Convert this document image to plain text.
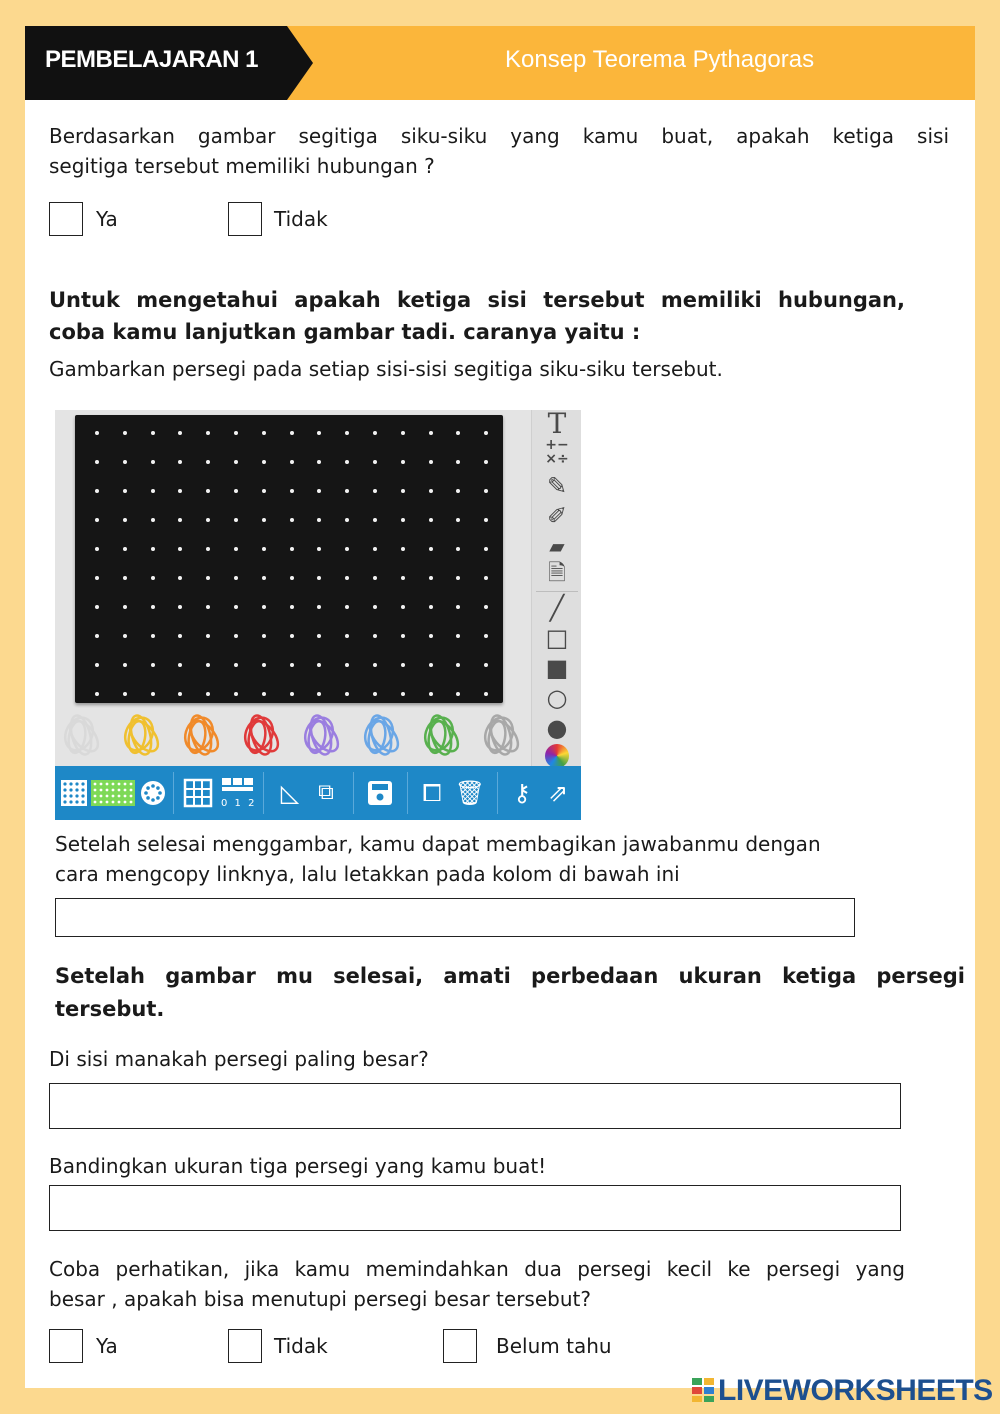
PEMBELAJARAN 1	Konsep Teorema Pythagoras
Berdasarkan gambar segitiga siku-siku yang kamu buat, apakah ketiga sisi
segitiga tersebut memiliki hubungan ?
Ya	Tidak
Untuk mengetahui apakah ketiga sisi tersebut memiliki hubungan,
coba kamu lanjutkan gambar tadi. caranya yaitu :
Gambarkan persegi pada setiap sisi-sisi segitiga siku-siku tersebut.
T
+−
×÷
✎
✐
▰
🗎
╱
□
■
○
●
0 1 2	◺ ⧉	⧠ 🗑	⚷ ⇗
Setelah selesai menggambar, kamu dapat membagikan jawabanmu dengan
cara mengcopy linknya, lalu letakkan pada kolom di bawah ini
Setelah gambar mu selesai, amati perbedaan ukuran ketiga persegi
tersebut.
Di sisi manakah persegi paling besar?
Bandingkan ukuran tiga persegi yang kamu buat!
Coba perhatikan, jika kamu memindahkan dua persegi kecil ke persegi yang
besar , apakah bisa menutupi persegi besar tersebut?
Ya	Tidak	Belum tahu
LIVEWORKSHEETS
